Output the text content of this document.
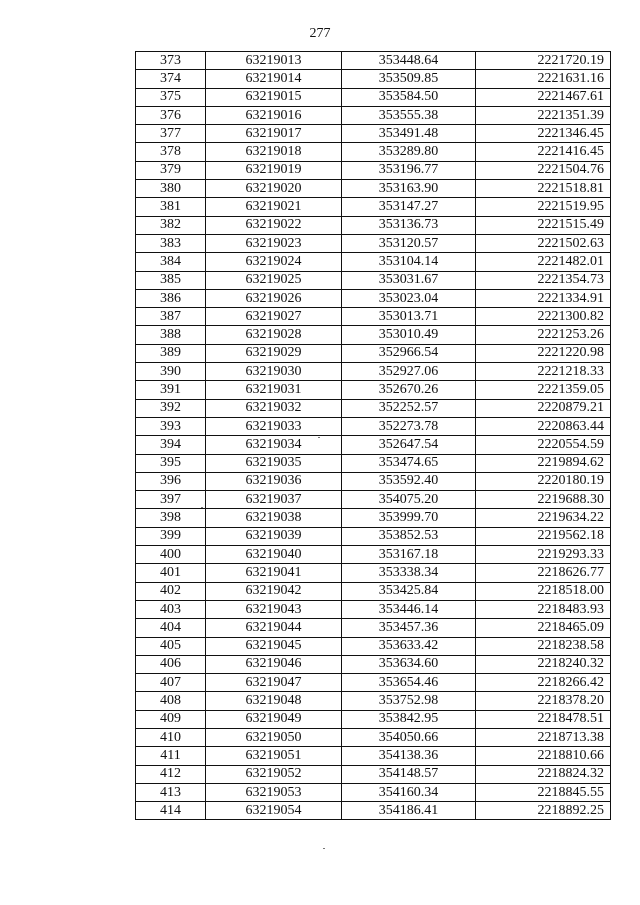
277
373	63219013	353448.64	2221720.19
374	63219014	353509.85	2221631.16
375	63219015	353584.50	2221467.61
376	63219016	353555.38	2221351.39
377	63219017	353491.48	2221346.45
378	63219018	353289.80	2221416.45
379	63219019	353196.77	2221504.76
380	63219020	353163.90	2221518.81
381	63219021	353147.27	2221519.95
382	63219022	353136.73	2221515.49
383	63219023	353120.57	2221502.63
384	63219024	353104.14	2221482.01
385	63219025	353031.67	2221354.73
386	63219026	353023.04	2221334.91
387	63219027	353013.71	2221300.82
388	63219028	353010.49	2221253.26
389	63219029	352966.54	2221220.98
390	63219030	352927.06	2221218.33
391	63219031	352670.26	2221359.05
392	63219032	352252.57	2220879.21
393	63219033	352273.78	2220863.44
394	63219034	352647.54	2220554.59
395	63219035	353474.65	2219894.62
396	63219036	353592.40	2220180.19
397	63219037	354075.20	2219688.30
398	63219038	353999.70	2219634.22
399	63219039	353852.53	2219562.18
400	63219040	353167.18	2219293.33
401	63219041	353338.34	2218626.77
402	63219042	353425.84	2218518.00
403	63219043	353446.14	2218483.93
404	63219044	353457.36	2218465.09
405	63219045	353633.42	2218238.58
406	63219046	353634.60	2218240.32
407	63219047	353654.46	2218266.42
408	63219048	353752.98	2218378.20
409	63219049	353842.95	2218478.51
410	63219050	354050.66	2218713.38
411	63219051	354138.36	2218810.66
412	63219052	354148.57	2218824.32
413	63219053	354160.34	2218845.55
414	63219054	354186.41	2218892.25
